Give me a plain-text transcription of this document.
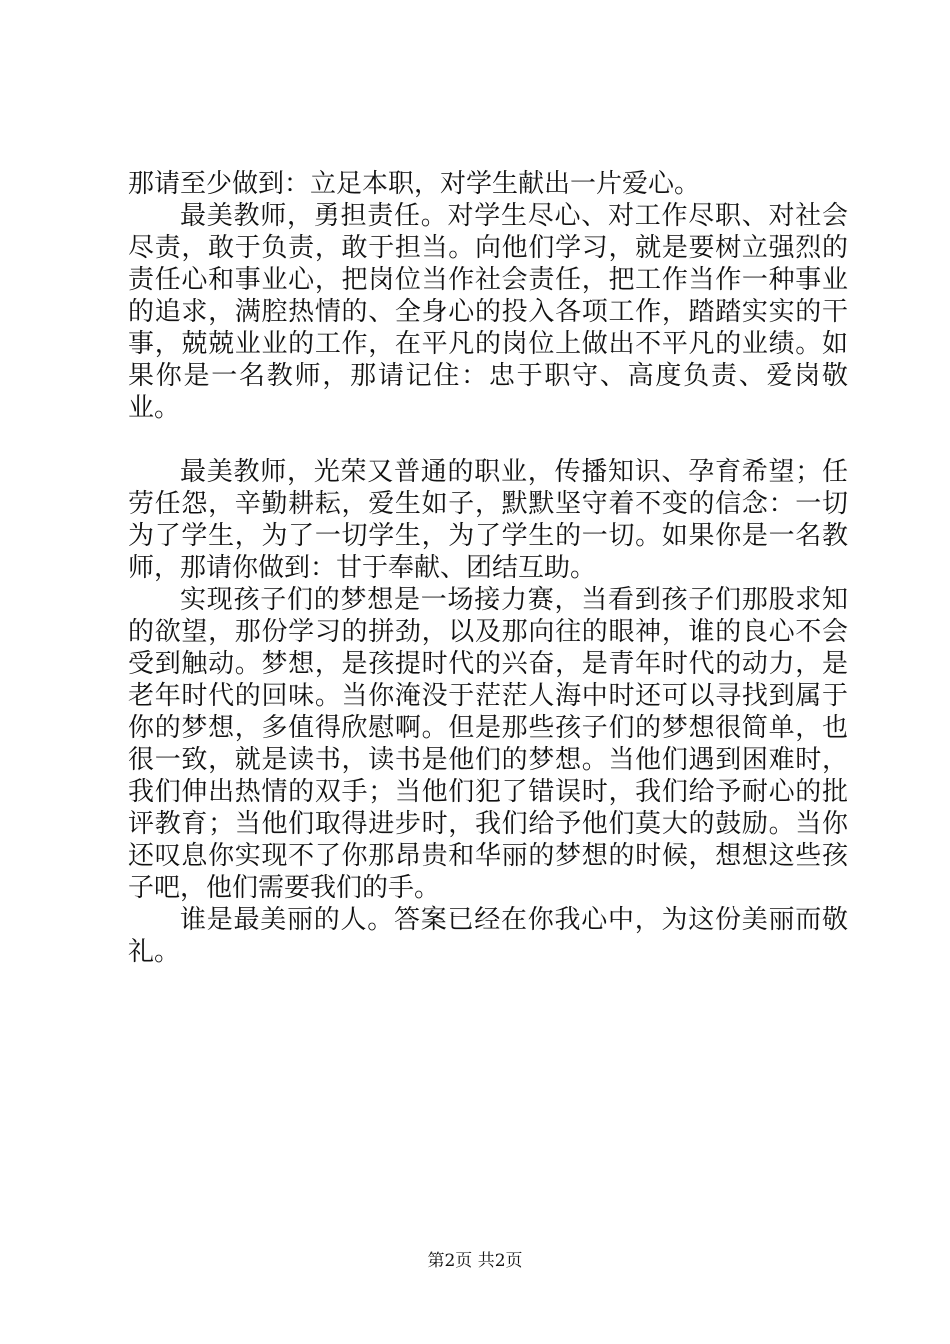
那请至少做到：立足本职，对学生献出一片爱心。

最美教师，勇担责任。对学生尽心、对工作尽职、对社会尽责，敢于负责，敢于担当。向他们学习，就是要树立强烈的责任心和事业心，把岗位当作社会责任，把工作当作一种事业的追求，满腔热情的、全身心的投入各项工作，踏踏实实的干事，兢兢业业的工作，在平凡的岗位上做出不平凡的业绩。如果你是一名教师，那请记住：忠于职守、高度负责、爱岗敬业。

最美教师，光荣又普通的职业，传播知识、孕育希望；任劳任怨，辛勤耕耘，爱生如子，默默坚守着不变的信念：一切为了学生，为了一切学生，为了学生的一切。如果你是一名教师，那请你做到：甘于奉献、团结互助。

实现孩子们的梦想是一场接力赛，当看到孩子们那股求知的欲望，那份学习的拼劲，以及那向往的眼神，谁的良心不会受到触动。梦想，是孩提时代的兴奋，是青年时代的动力，是老年时代的回味。当你淹没于茫茫人海中时还可以寻找到属于你的梦想，多值得欣慰啊。但是那些孩子们的梦想很简单，也很一致，就是读书，读书是他们的梦想。当他们遇到困难时，我们伸出热情的双手；当他们犯了错误时，我们给予耐心的批评教育；当他们取得进步时，我们给予他们莫大的鼓励。当你还叹息你实现不了你那昂贵和华丽的梦想的时候，想想这些孩子吧，他们需要我们的手。

谁是最美丽的人。答案已经在你我心中，为这份美丽而敬礼。

第2页 共2页
